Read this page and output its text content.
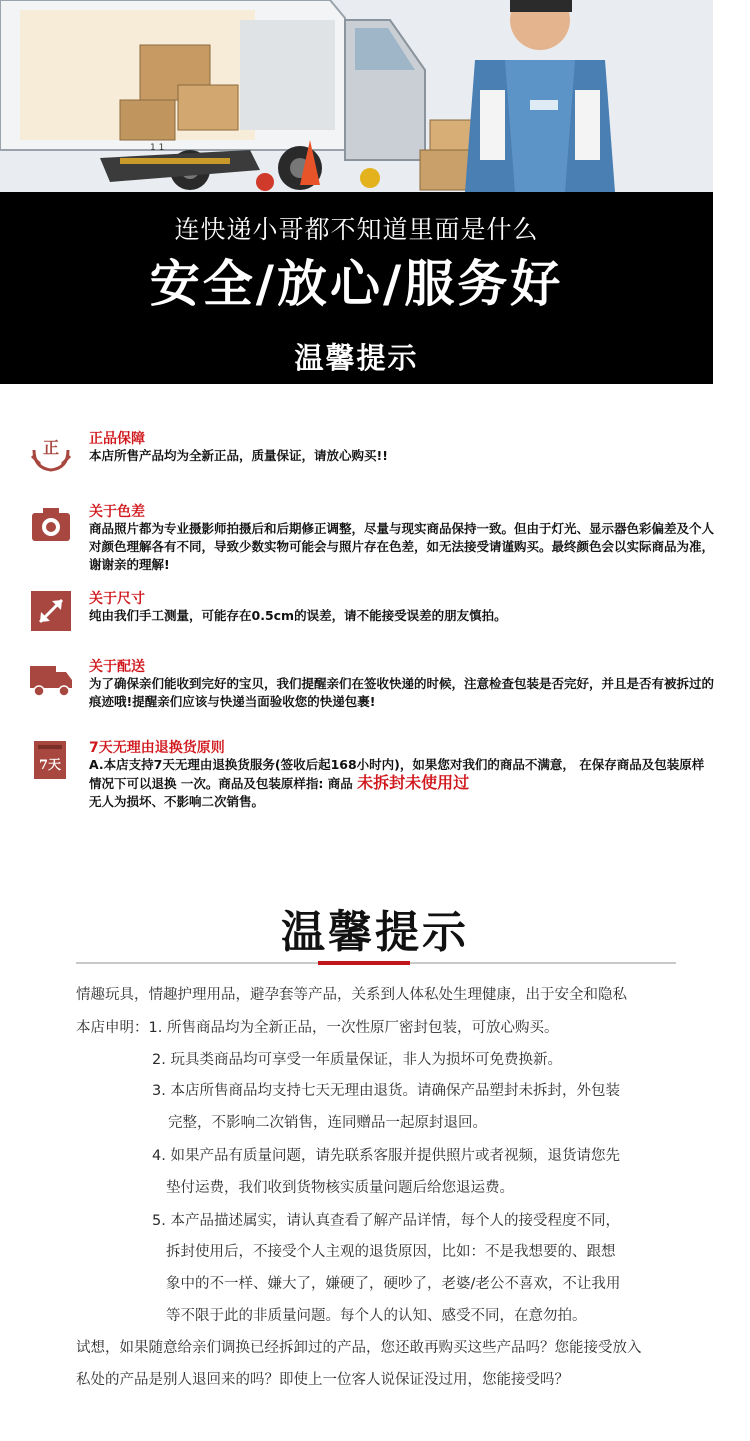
1 1
连快递小哥都不知道里面是什么
安全/放心/服务好
温馨提示
正 正品保障
本店所售产品均为全新正品，质量保证，请放心购买!!
关于色差
商品照片都为专业摄影师拍摄后和后期修正调整，尽量与现实商品保持一致。但由于灯光、显示器色彩偏差及个人对颜色理解各有不同，导致少数实物可能会与照片存在色差，如无法接受请谨购买。最终颜色会以实际商品为准，谢谢亲的理解!
关于尺寸
纯由我们手工测量，可能存在0.5cm的误差，请不能接受误差的朋友慎拍。
关于配送
为了确保亲们能收到完好的宝贝，我们提醒亲们在签收快递的时候，注意检查包装是否完好，并且是否有被拆过的痕迹哦!提醒亲们应该与快递当面验收您的快递包裹!
7天
7天无理由退换货原则
A.本店支持7天无理由退换货服务(签收后起168小时内)，如果您对我们的商品不满意， 在保存商品及包装原样情况下可以退换 一次。商品及包装原样指: 商品 未拆封未使用过
无人为损坏、不影响二次销售。
温馨提示
情趣玩具，情趣护理用品，避孕套等产品，关系到人体私处生理健康，出于安全和隐私
本店申明：1. 所售商品均为全新正品，一次性原厂密封包装，可放心购买。
2. 玩具类商品均可享受一年质量保证，非人为损坏可免费换新。
3. 本店所售商品均支持七天无理由退货。请确保产品塑封未拆封，外包装
完整，不影响二次销售，连同赠品一起原封退回。
4. 如果产品有质量问题，请先联系客服并提供照片或者视频，退货请您先
垫付运费，我们收到货物核实质量问题后给您退运费。
5. 本产品描述属实，请认真查看了解产品详情，每个人的接受程度不同，
拆封使用后，不接受个人主观的退货原因，比如：不是我想要的、跟想
象中的不一样、嫌大了，嫌硬了，硬吵了，老婆/老公不喜欢，不让我用
等不限于此的非质量问题。每个人的认知、感受不同，在意勿拍。
试想，如果随意给亲们调换已经拆卸过的产品，您还敢再购买这些产品吗？您能接受放入
私处的产品是别人退回来的吗？即使上一位客人说保证没过用，您能接受吗？
